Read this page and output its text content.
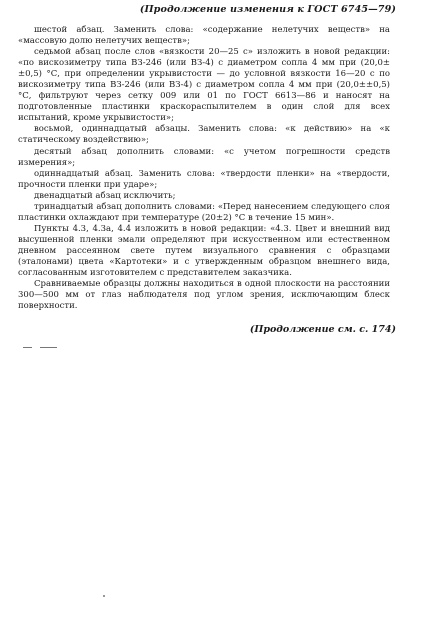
(Продолжение изменения к ГОСТ 6745—79)

шестой абзац. Заменить слова: «содержание нелетучих веществ» на «массовую долю нелетучих веществ»;

седьмой абзац после слов «вязкости 20—25 с» изложить в новой редакции: «по вискозиметру типа ВЗ-246 (или ВЗ-4) с диаметром сопла 4 мм при (20,0±±0,5) °С, при определении укрывистости — до условной вязкости 16—20 с по вискозиметру типа ВЗ-246 (или ВЗ-4) с диаметром сопла 4 мм при (20,0±±0,5) °С, фильтруют через сетку 009 или 01 по ГОСТ 6613—86 и наносят на подготовленные пластинки краскораспылителем в один слой для всех испытаний, кроме укрывистости»;

восьмой, одиннадцатый абзацы. Заменить слова: «к действию» на «к статическому воздействию»;

десятый абзац дополнить словами: «с учетом погрешности средств измерения»;

одиннадцатый абзац. Заменить слова: «твердости пленки» на «твердости, прочности пленки при ударе»;

двенадцатый абзац исключить;

тринадцатый абзац дополнить словами: «Перед нанесением следующего слоя пластинки охлаждают при температуре (20±2) °С в течение 15 мин».

Пункты 4.3, 4.3а, 4.4 изложить в новой редакции: «4.3. Цвет и внешний вид высушенной пленки эмали определяют при искусственном или естественном дневном рассеянном свете путем визуального сравнения с образцами (эталонами) цвета «Картотеки» и с утвержденным образцом внешнего вида, согласованным изготовителем с представителем заказчика.

Сравниваемые образцы должны находиться в одной плоскости на расстоянии 300—500 мм от глаз наблюдателя под углом зрения, исключающим блеск поверхности.

(Продолжение см. с. 174)
